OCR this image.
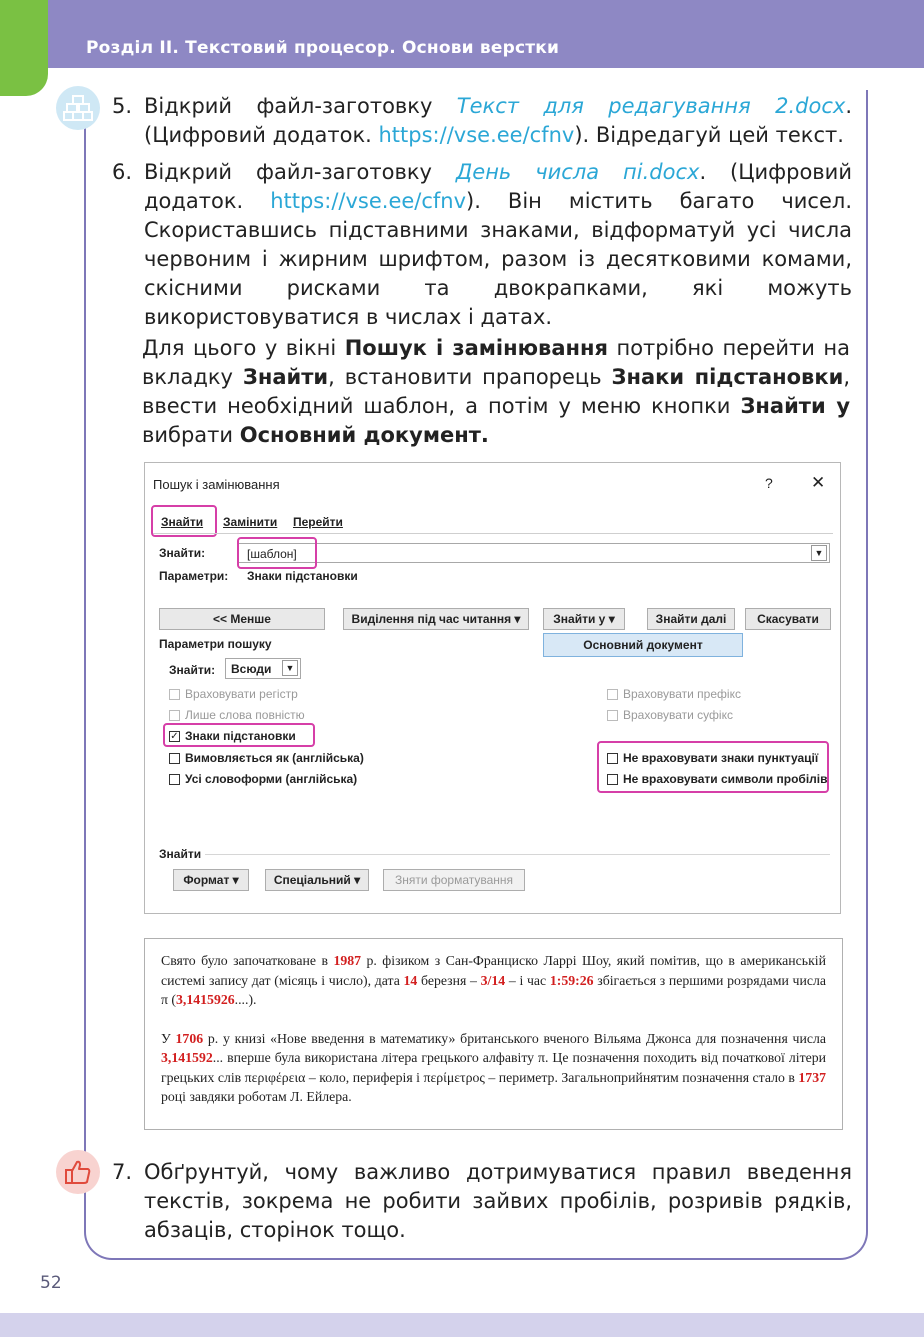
Розділ II. Текстовий процесор. Основи верстки
5. Відкрий файл-заготовку Текст для редагування 2.docx. (Цифровий додаток. https://vse.ee/cfnv). Відредагуй цей текст.
6. Відкрий файл-заготовку День числа пі.docx. (Цифровий додаток. https://vse.ee/cfnv). Він містить багато чисел. Скориставшись підставними знаками, відформатуй усі числа червоним і жирним шрифтом, разом із десятковими комами, скісними рисками та двокрапками, які можуть використовуватися в числах і датах.
Для цього у вікні Пошук і замінювання потрібно перейти на вкладку Знайти, встановити прапорець Знаки підстановки, ввести необхідний шаблон, а потім у меню кнопки Знайти у вибрати Основний документ.
Пошук і замінювання	? ✕
Знайти	Замінити	Перейти
Знайти:	▼
[шаблон]
Параметри: Знаки підстановки
<< Менше	Виділення під час читання ▾	Знайти у ▾	Знайти далі	Скасувати
Основний документ
Параметри пошуку
Знайти:	▼
Всюди
Враховувати регістр
Лише слова повністю
✓ Знаки підстановки
Вимовляється як (англійська)
Усі словоформи (англійська)
Враховувати префікс
Враховувати суфікс
Не враховувати знаки пунктуації
Не враховувати символи пробілів
Знайти
Формат ▾	Спеціальний ▾	Зняти форматування

Свято було започатковане в 1987 р. фізиком з Сан-Франциско Ларрі Шоу, який помітив, що в американській системі запису дат (місяць і число), дата 14 березня – 3/14 – і час 1:59:26 збігається з першими розрядами числа π (3,1415926....).

У 1706 р. у книзі «Нове введення в математику» британського вченого Вільяма Джонса для позначення числа 3,141592... вперше була використана літера грецького алфавіту π. Це позначення походить від початкової літери грецьких слів περιφέρεια – коло, периферія і περίμετρος – периметр. Загальноприйнятим позначення стало в 1737 році завдяки роботам Л. Ейлера.

7. Обґрунтуй, чому важливо дотримуватися правил введення текстів, зокрема не робити зайвих пробілів, розривів рядків, абзаців, сторінок тощо.
52
